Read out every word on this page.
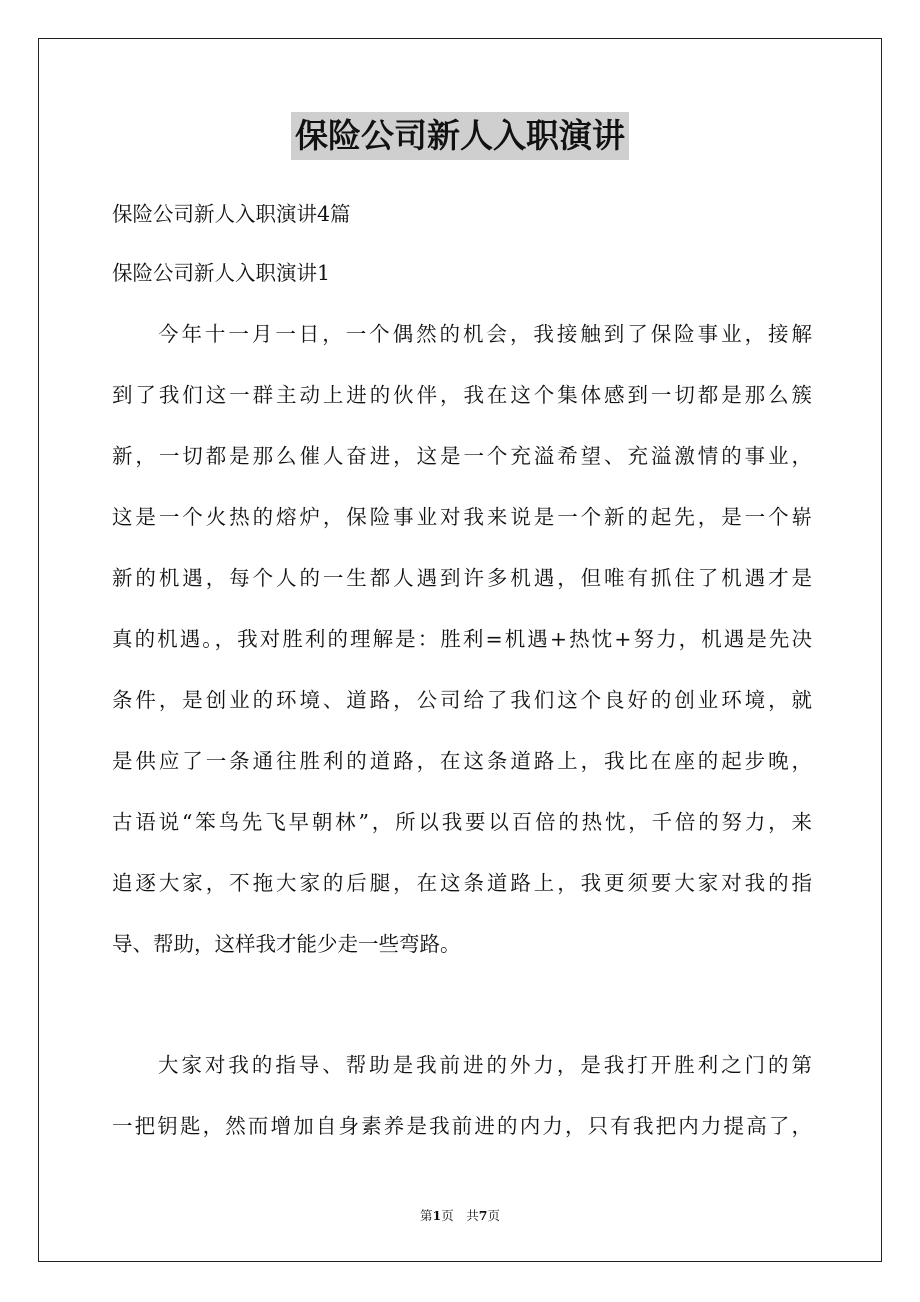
保险公司新人入职演讲

保险公司新人入职演讲4篇

保险公司新人入职演讲1

今年十一月一日，一个偶然的机会，我接触到了保险事业，接解

到了我们这一群主动上进的伙伴，我在这个集体感到一切都是那么簇

新，一切都是那么催人奋进，这是一个充溢希望、充溢激情的事业，

这是一个火热的熔炉，保险事业对我来说是一个新的起先，是一个崭

新的机遇，每个人的一生都人遇到许多机遇，但唯有抓住了机遇才是

真的机遇。，我对胜利的理解是：胜利=机遇+热忱+努力，机遇是先决

条件，是创业的环境、道路，公司给了我们这个良好的创业环境，就

是供应了一条通往胜利的道路，在这条道路上，我比在座的起步晚，

古语说“笨鸟先飞早朝林”，所以我要以百倍的热忱，千倍的努力，来

追逐大家，不拖大家的后腿，在这条道路上，我更须要大家对我的指

导、帮助，这样我才能少走一些弯路。

大家对我的指导、帮助是我前进的外力，是我打开胜利之门的第

一把钥匙，然而增加自身素养是我前进的内力，只有我把内力提高了，

第1页　共7页
